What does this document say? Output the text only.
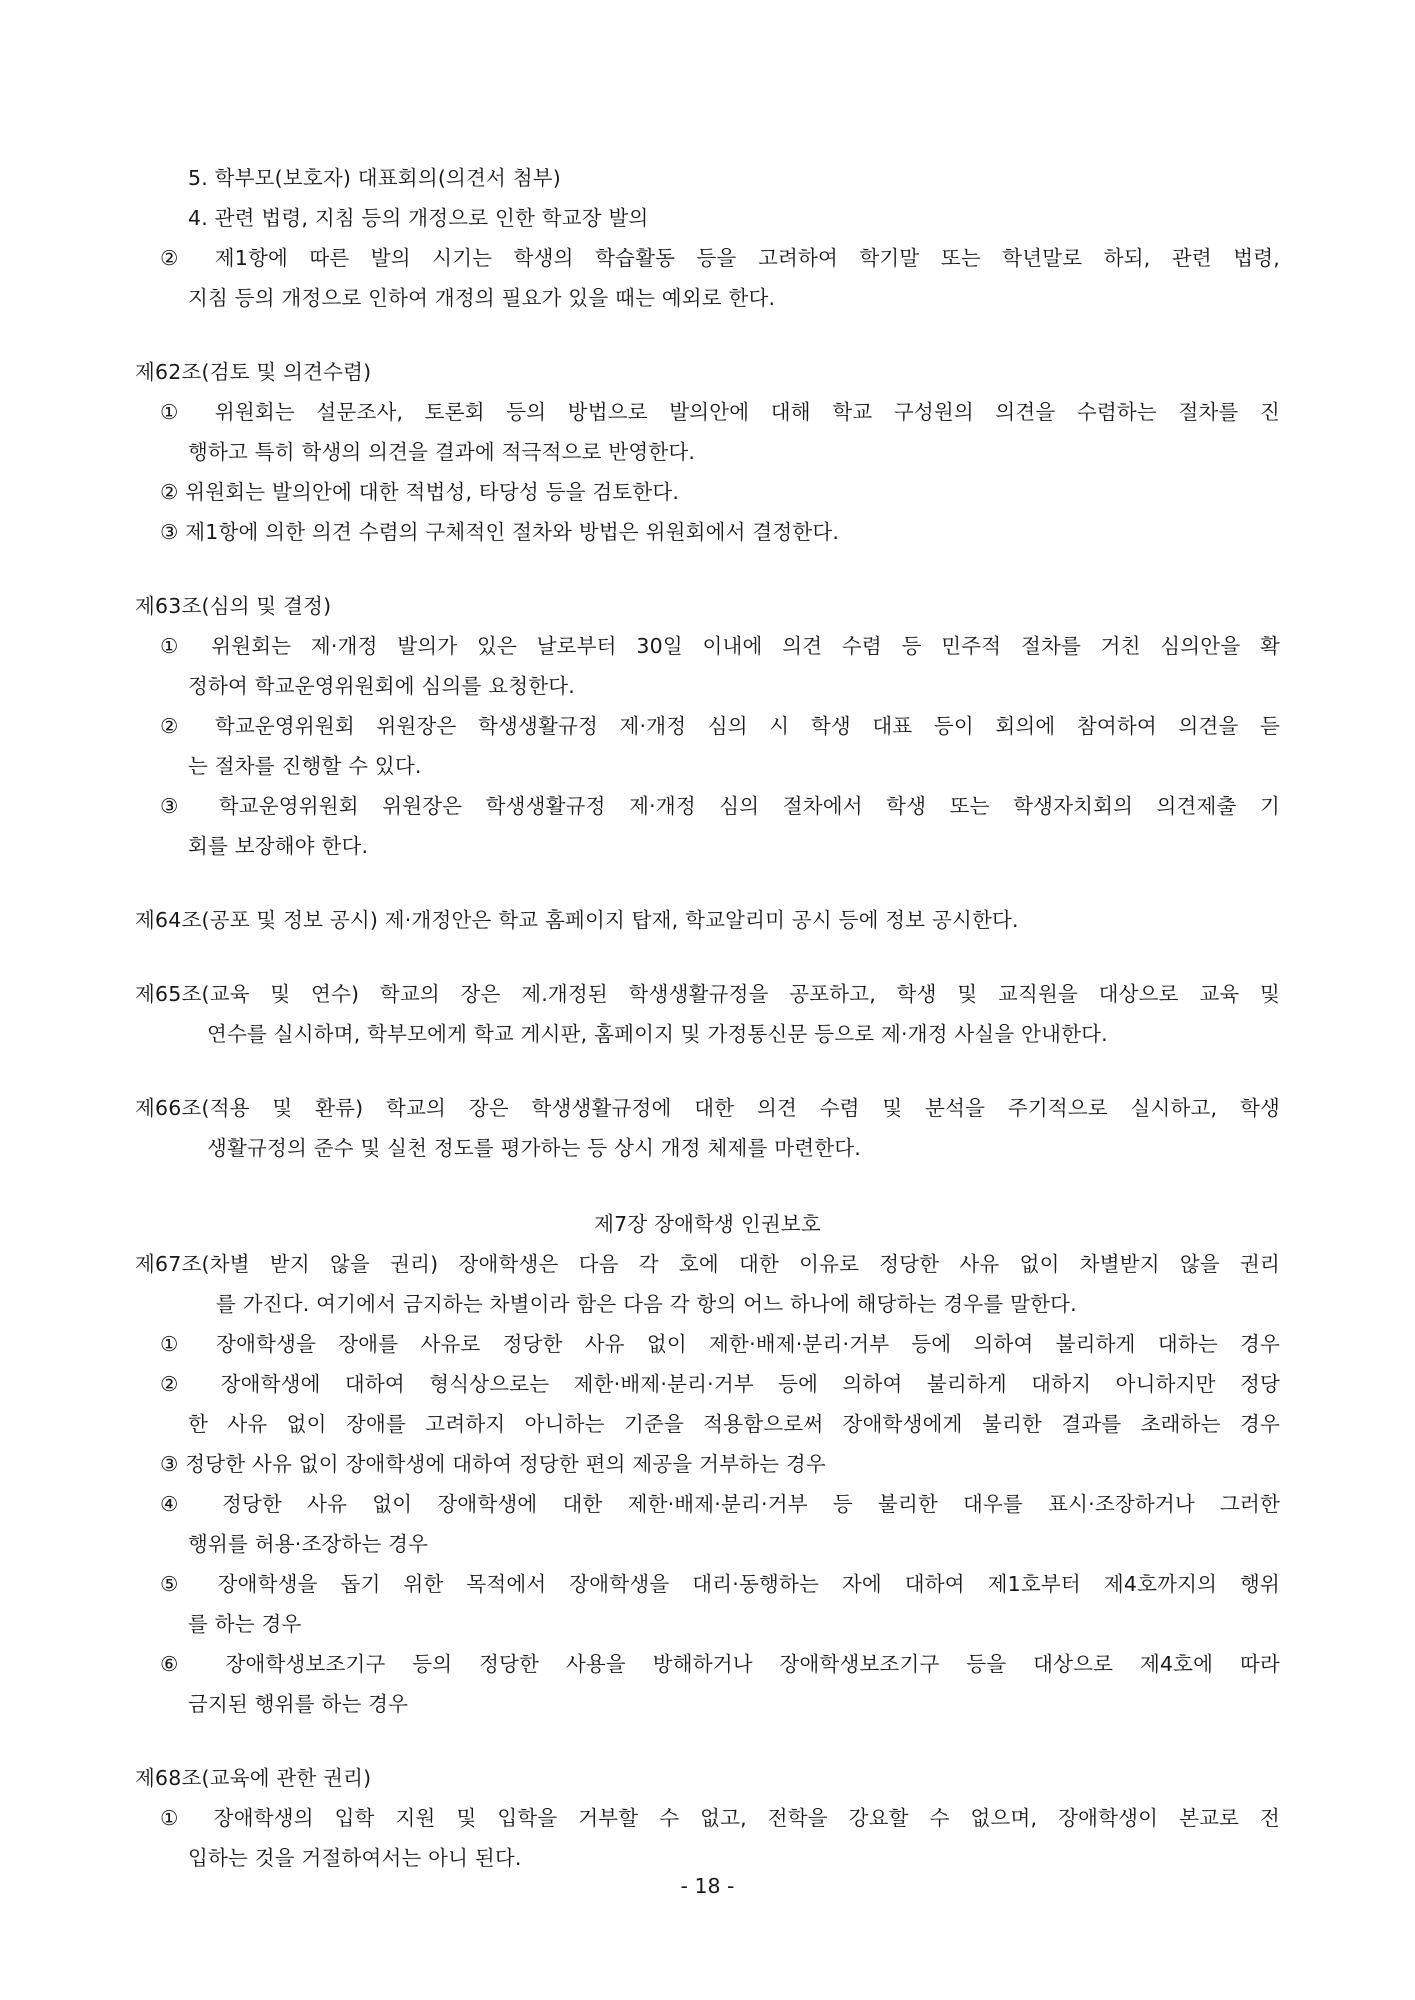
5. 학부모(보호자) 대표회의(의견서 첨부)
4. 관련 법령, 지침 등의 개정으로 인한 학교장 발의
② 제1항에 따른 발의 시기는 학생의 학습활동 등을 고려하여 학기말 또는 학년말로 하되, 관련 법령,
지침 등의 개정으로 인하여 개정의 필요가 있을 때는 예외로 한다.
제62조(검토 및 의견수렴)
① 위원회는 설문조사, 토론회 등의 방법으로 발의안에 대해 학교 구성원의 의견을 수렴하는 절차를 진
행하고 특히 학생의 의견을 결과에 적극적으로 반영한다.
② 위원회는 발의안에 대한 적법성, 타당성 등을 검토한다.
③ 제1항에 의한 의견 수렴의 구체적인 절차와 방법은 위원회에서 결정한다.
제63조(심의 및 결정)
① 위원회는 제·개정 발의가 있은 날로부터 30일 이내에 의견 수렴 등 민주적 절차를 거친 심의안을 확
정하여 학교운영위원회에 심의를 요청한다.
② 학교운영위원회 위원장은 학생생활규정 제·개정 심의 시 학생 대표 등이 회의에 참여하여 의견을 듣
는 절차를 진행할 수 있다.
③ 학교운영위원회 위원장은 학생생활규정 제·개정 심의 절차에서 학생 또는 학생자치회의 의견제출 기
회를 보장해야 한다.
제64조(공포 및 정보 공시) 제·개정안은 학교 홈페이지 탑재, 학교알리미 공시 등에 정보 공시한다.
제65조(교육 및 연수) 학교의 장은 제.개정된 학생생활규정을 공포하고, 학생 및 교직원을 대상으로 교육 및
연수를 실시하며, 학부모에게 학교 게시판, 홈페이지 및 가정통신문 등으로 제·개정 사실을 안내한다.
제66조(적용 및 환류) 학교의 장은 학생생활규정에 대한 의견 수렴 및 분석을 주기적으로 실시하고, 학생
생활규정의 준수 및 실천 정도를 평가하는 등 상시 개정 체제를 마련한다.
제7장 장애학생 인권보호
제67조(차별 받지 않을 권리) 장애학생은 다음 각 호에 대한 이유로 정당한 사유 없이 차별받지 않을 권리
를 가진다. 여기에서 금지하는 차별이라 함은 다음 각 항의 어느 하나에 해당하는 경우를 말한다.
① 장애학생을 장애를 사유로 정당한 사유 없이 제한·배제·분리·거부 등에 의하여 불리하게 대하는 경우
② 장애학생에 대하여 형식상으로는 제한·배제·분리·거부 등에 의하여 불리하게 대하지 아니하지만 정당
한 사유 없이 장애를 고려하지 아니하는 기준을 적용함으로써 장애학생에게 불리한 결과를 초래하는 경우
③ 정당한 사유 없이 장애학생에 대하여 정당한 편의 제공을 거부하는 경우
④ 정당한 사유 없이 장애학생에 대한 제한·배제·분리·거부 등 불리한 대우를 표시·조장하거나 그러한
행위를 허용·조장하는 경우
⑤ 장애학생을 돕기 위한 목적에서 장애학생을 대리·동행하는 자에 대하여 제1호부터 제4호까지의 행위
를 하는 경우
⑥ 장애학생보조기구 등의 정당한 사용을 방해하거나 장애학생보조기구 등을 대상으로 제4호에 따라
금지된 행위를 하는 경우
제68조(교육에 관한 권리)
① 장애학생의 입학 지원 및 입학을 거부할 수 없고, 전학을 강요할 수 없으며, 장애학생이 본교로 전
입하는 것을 거절하여서는 아니 된다.
- 18 -
